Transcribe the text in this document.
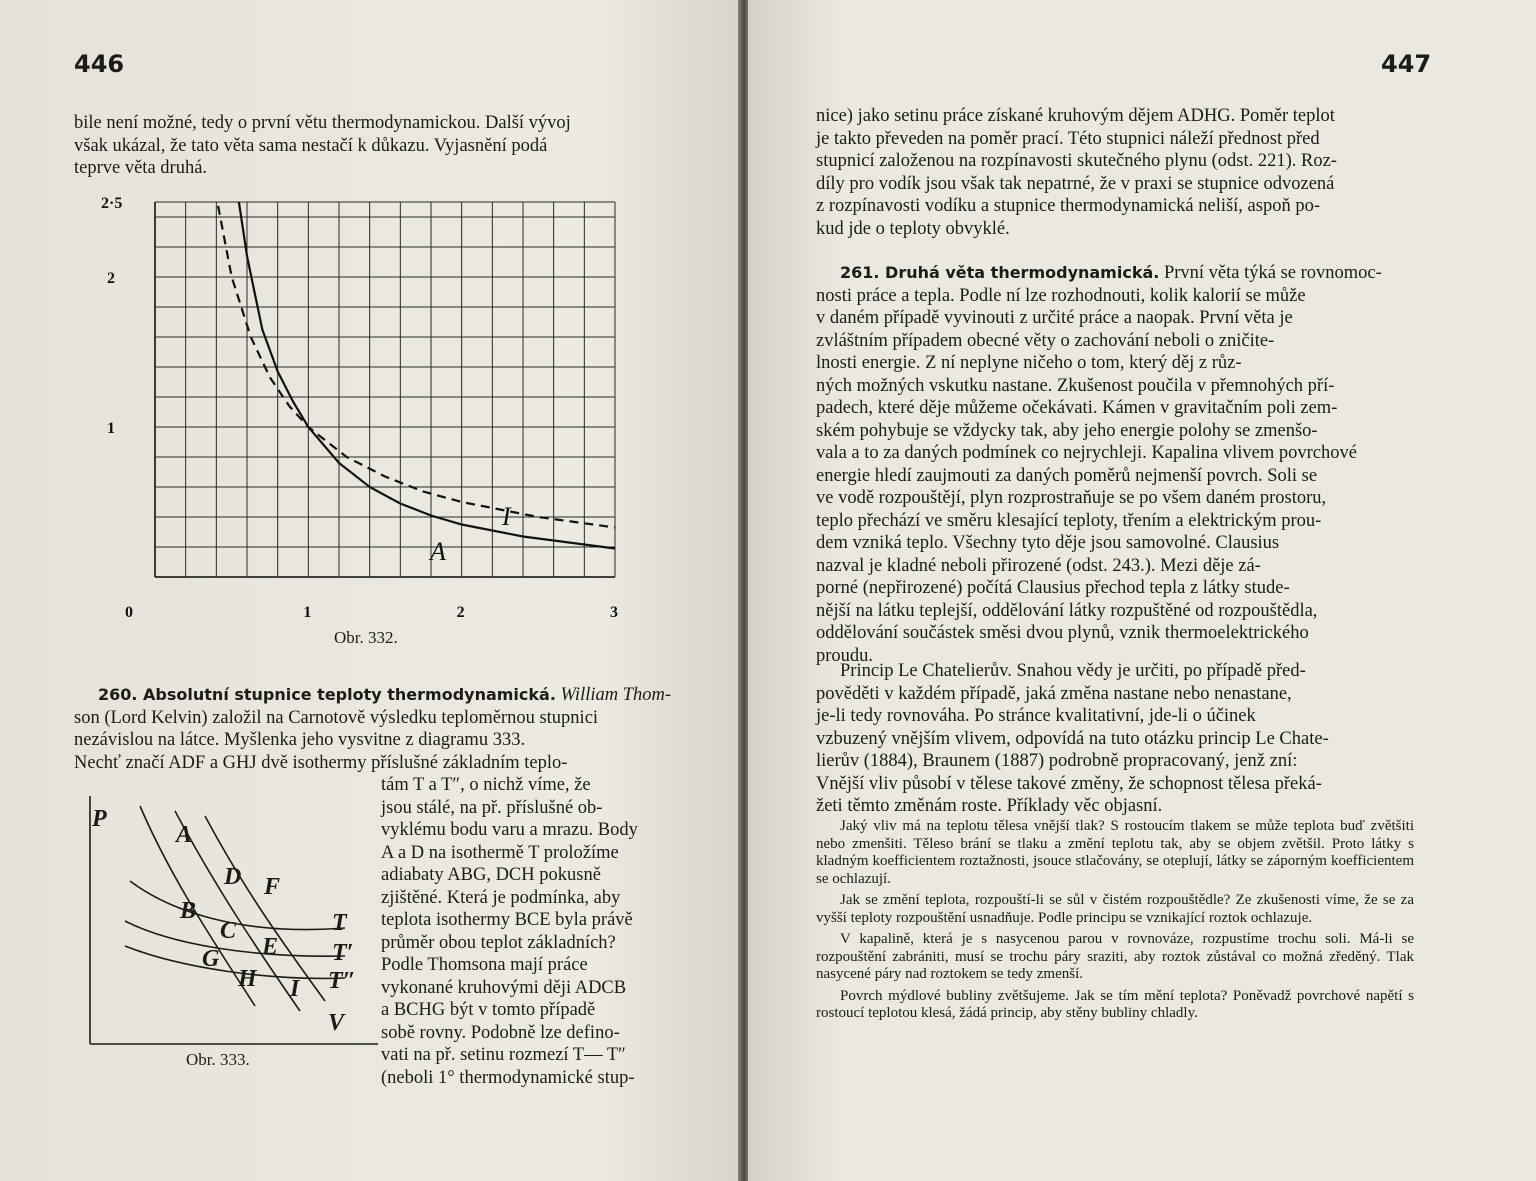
446

bile není možné, tedy o první větu thermodynamickou. Další vývoj

však ukázal, že tato věta sama nestačí k důkazu. Vyjasnění podá

teprve věta druhá.

I
A
0	1	2	3
1
2
2·5
Obr. 332.

260. Absolutní stupnice teploty thermodynamická. William Thom-

son (Lord Kelvin) založil na Carnotově výsledku teploměrnou stupnici

nezávislou na látce. Myšlenka jeho vysvitne z diagramu 333.

Nechť značí ADF a GHJ dvě isothermy příslušné základním teplo-

tám T a T″, o nichž víme, že

jsou stálé, na př. příslušné ob-

vyklému bodu varu a mrazu. Body

A a D na isothermě T proložíme

adiabaty ABG, DCH pokusně

zjištěné. Která je podmínka, aby

teplota isothermy BCE byla právě

průměr obou teplot základních?

Podle Thomsona mají práce

vykonané kruhovými ději ADCB

a BCHG být v tomto případě

sobě rovny. Podobně lze defino-

vati na př. setinu rozmezí T— T″

(neboli 1° thermodynamické stup-

P
V
A
B
C
D
E
F
G
H I
T
T′
T″
Obr. 333.
447

nice) jako setinu práce získané kruhovým dějem ADHG. Poměr teplot

je takto převeden na poměr prací. Této stupnici náleží přednost před

stupnicí založenou na rozpínavosti skutečného plynu (odst. 221). Roz-

díly pro vodík jsou však tak nepatrné, že v praxi se stupnice odvozená

z rozpínavosti vodíku a stupnice thermodynamická neliší, aspoň po-

kud jde o teploty obvyklé.

261. Druhá věta thermodynamická. První věta týká se rovnomoc-

nosti práce a tepla. Podle ní lze rozhodnouti, kolik kalorií se může

v daném případě vyvinouti z určité práce a naopak. První věta je

zvláštním případem obecné věty o zachování neboli o zničite-

lnosti energie. Z ní neplyne ničeho o tom, který děj z růz-

ných možných vskutku nastane. Zkušenost poučila v přemnohých pří-

padech, které děje můžeme očekávati. Kámen v gravitačním poli zem-

ském pohybuje se vždycky tak, aby jeho energie polohy se zmenšo-

vala a to za daných podmínek co nejrychleji. Kapalina vlivem povrchové

energie hledí zaujmouti za daných poměrů nejmenší povrch. Soli se

ve vodě rozpouštějí, plyn rozprostraňuje se po všem daném prostoru,

teplo přechází ve směru klesající teploty, třením a elektrickým prou-

dem vzniká teplo. Všechny tyto děje jsou samovolné. Clausius

nazval je kladné neboli přirozené (odst. 243.). Mezi děje zá-

porné (nepřirozené) počítá Clausius přechod tepla z látky stude-

nější na látku teplejší, oddělování látky rozpuštěné od rozpouštědla,

oddělování součástek směsi dvou plynů, vznik thermoelektrického

proudu.

Princip Le Chatelierův. Snahou vědy je určiti, po případě před-

pověděti v každém případě, jaká změna nastane nebo nenastane,

je-li tedy rovnováha. Po stránce kvalitativní, jde-li o účinek

vzbuzený vnějším vlivem, odpovídá na tuto otázku princip Le Chate-

lierův (1884), Braunem (1887) podrobně propracovaný, jenž zní:

Vnější vliv působí v tělese takové změny, že schopnost tělesa překá-

žeti těmto změnám roste. Příklady věc objasní.

Jaký vliv má na teplotu tělesa vnější tlak? S rostoucím tlakem se může teplota buď zvětšiti nebo zmenšiti. Těleso brání se tlaku a změní teplotu tak, aby se objem zvětšil. Proto látky s kladným koefficientem roztažnosti, jsouce stlačovány, se oteplují, látky se záporným koefficientem se ochlazují.

Jak se změní teplota, rozpouští-li se sůl v čistém rozpouštědle? Ze zkušenosti víme, že se za vyšší teploty rozpouštění usnadňuje. Podle principu se vznikající roztok ochlazuje.

V kapalině, která je s nasycenou parou v rovnováze, rozpustíme trochu soli. Má-li se rozpouštění zabrániti, musí se trochu páry sraziti, aby roztok zůstával co možná zředěný. Tlak nasycené páry nad roztokem se tedy zmenší.

Povrch mýdlové bubliny zvětšujeme. Jak se tím mění teplota? Poněvadž povrchové napětí s rostoucí teplotou klesá, žádá princip, aby stěny bubliny chladly.
